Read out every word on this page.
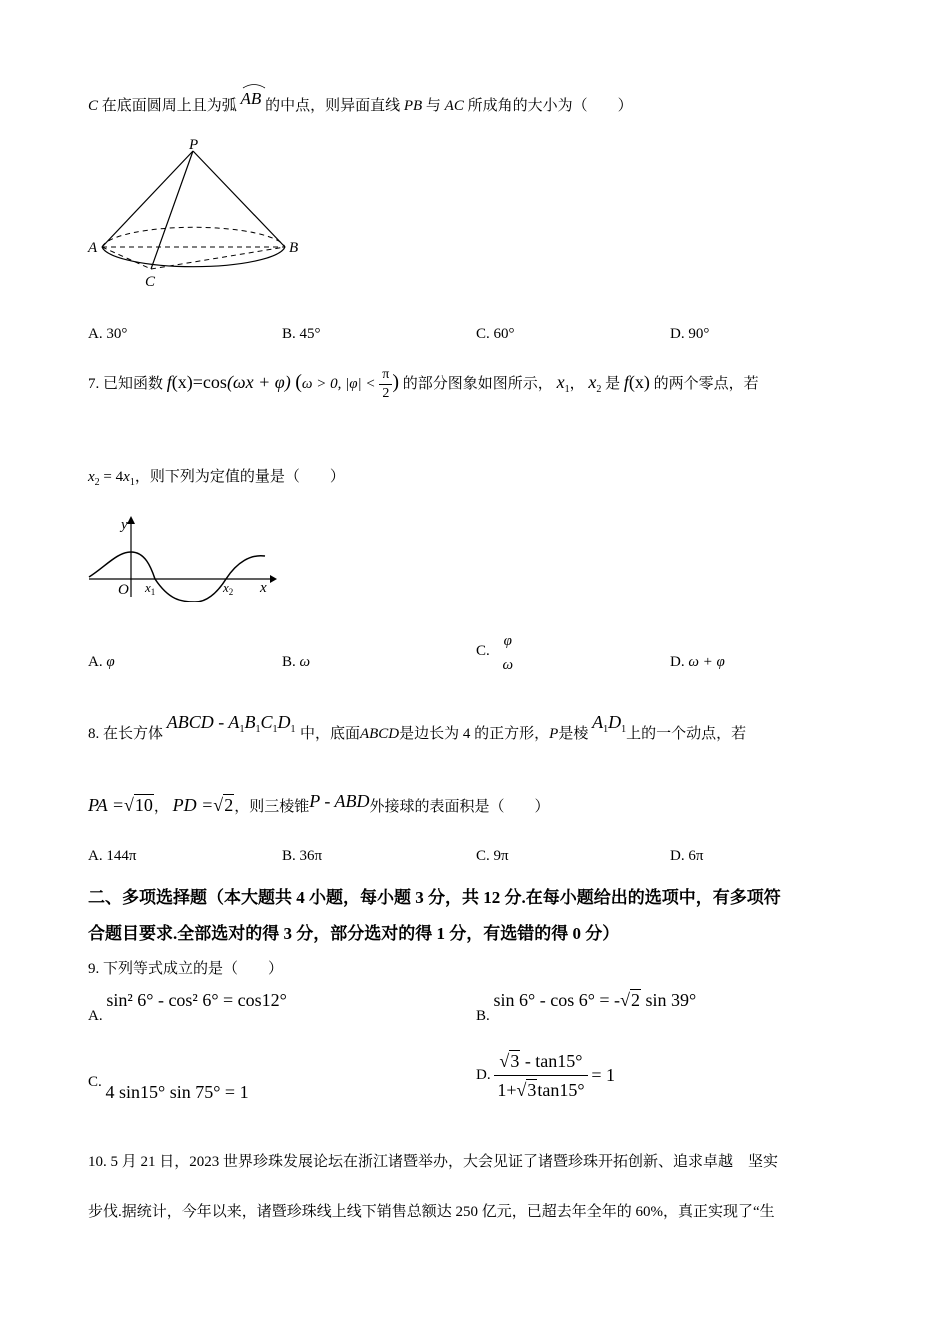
C 在底面圆周上且为弧 AB 的中点，则异面直线 PB 与 AC 所成角的大小为（　　）
P
A	B
C
A. 30°	B. 45°	C. 60°	D. 90°
7. 已知函数 f(x)=cos(ωx + φ) (ω > 0, $|\varphi| < \frac{\pi}{2}$ ) 的部分图象如图所示， $x_1$， $x_2$ 是 f(x) 的两个零点，若
$x_2 = 4x_1$，则下列为定值的量是（　　）
y
x
O $x_1$	$x_2$
A. φ	B. ω
C.
φ
ω	D. ω + φ
8. 在长方体 ABCD - $A_1B_1C_1D_1$ 中，底面ABCD是边长为 4 的正方形，P是棱 $A_1D_1$上的一个动点，若
PA =√10， PD =√2，则三棱锥P - ABD外接球的表面积是（　　）
A. 144π	B. 36π	C. 9π	D. 6π
二、多项选择题（本大题共 4 小题，每小题 3 分，共 12 分.在每小题给出的选项中，有多项符
合题目要求.全部选对的得 3 分，部分选对的得 1 分，有选错的得 0 分）
9. 下列等式成立的是（　　）
A. sin² 6° - cos² 6° = cos12°
B. sin 6° - cos 6° = -√2 sin 39°
C. 4 sin15° sin 75° = 1
D. $\frac{√3 - \tan 15^\circ}{1+√3\tan 15^\circ} = 1$
10. 5 月 21 日，2023 世界珍珠发展论坛在浙江诸暨举办，大会见证了诸暨珍珠开拓创新、追求卓越　坚实
步伐.据统计，今年以来，诸暨珍珠线上线下销售总额达 250 亿元，已超去年全年的 60%，真正实现了“生
